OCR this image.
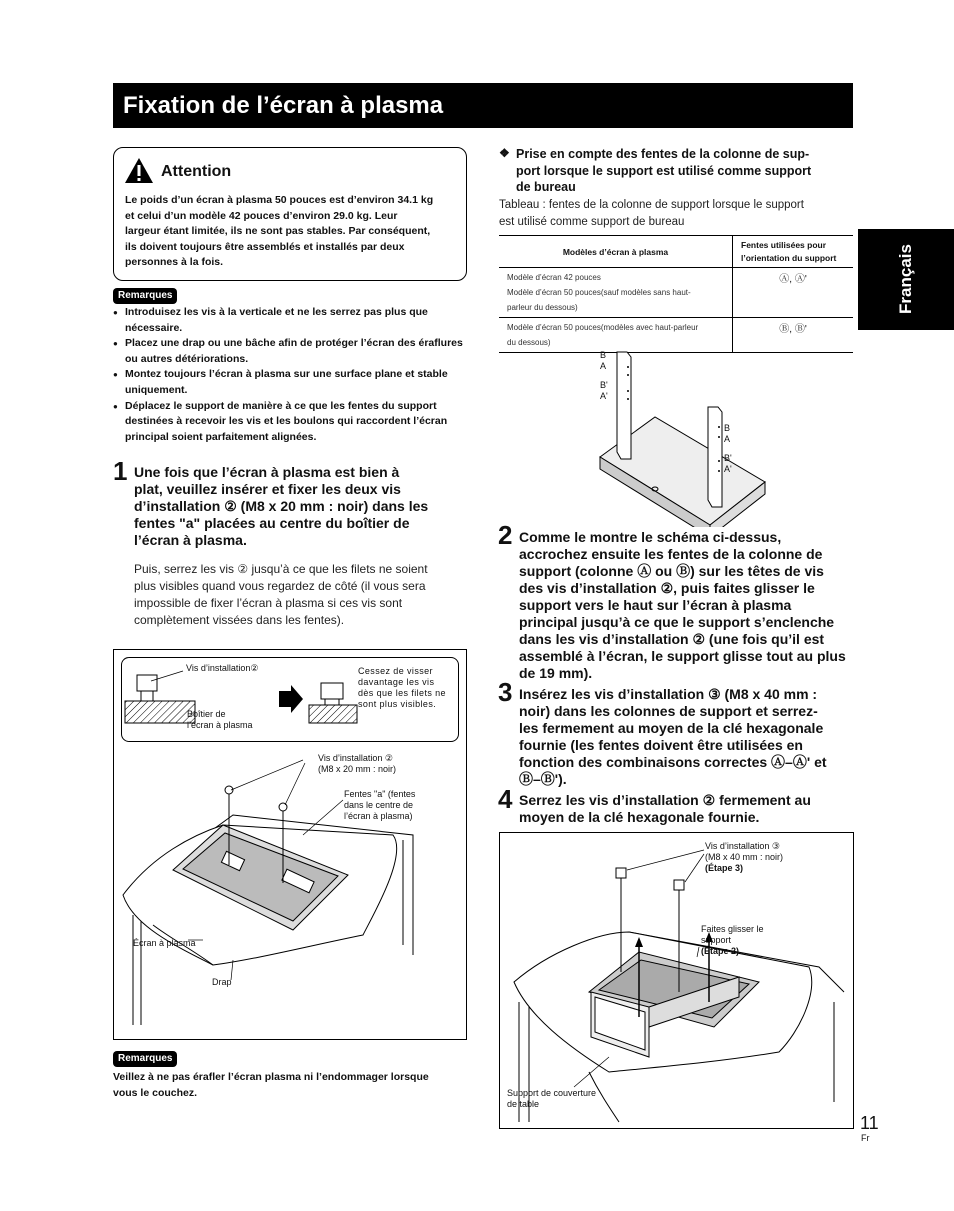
Fixation de l’écran à plasma
Français
Attention
Le poids d’un écran à plasma 50 pouces est d’environ 34.1 kg
et celui d’un modèle 42 pouces d’environ 29.0 kg. Leur
largeur étant limitée, ils ne sont pas stables. Par conséquent,
ils doivent toujours être assemblés et installés par deux
personnes à la fois.
Remarques
● Introduisez les vis à la verticale et ne les serrez pas plus que nécessaire.
● Placez une drap ou une bâche afin de protéger l’écran des éraflures ou autres détériorations.
● Montez toujours l’écran à plasma sur une surface plane et stable uniquement.
● Déplacez le support de manière à ce que les fentes du support destinées à recevoir les vis et les boulons qui raccordent l’écran principal soient parfaitement alignées.
1 Une fois que l’écran à plasma est bien à
plat, veuillez insérer et fixer les deux vis
d’installation ② (M8 x 20 mm : noir) dans les
fentes "a" placées au centre du boîtier de
l’écran à plasma.
Puis, serrez les vis ② jusqu’à ce que les filets ne soient
plus visibles quand vous regardez de côté (il vous sera
impossible de fixer l’écran à plasma si ces vis sont
complètement vissées dans les fentes).
Vis d’installation②
Boîtier de
l’écran à plasma
Cessez de visser
davantage les vis
dès que les filets ne
sont plus visibles.
Vis d’installation ②
(M8 x 20 mm : noir)
Fentes "a" (fentes
dans le centre de
l’écran à plasma)
Écran à plasma
Drap
Remarques
Veillez à ne pas érafler l’écran plasma ni l’endommager lorsque
vous le couchez.
❖ Prise en compte des fentes de la colonne de sup-
port lorsque le support est utilisé comme support
de bureau
Tableau : fentes de la colonne de support lorsque le support
est utilisé comme support de bureau
Modèles d’écran à plasma	Fentes utilisées pour
l’orientation du support

Modèle d’écran 42 pouces
Modèle d’écran 50 pouces(sauf modèles sans haut-
parleur du dessous)	Ⓐ, Ⓐ'

Modèle d’écran 50 pouces(modèles avec haut-parleur
du dessous)	Ⓑ, Ⓑ'
B
A
B'
A'
B
A
B'
A'
2 Comme le montre le schéma ci-dessus,
accrochez ensuite les fentes de la colonne de
support (colonne Ⓐ ou Ⓑ) sur les têtes de vis
des vis d’installation ②, puis faites glisser le
support vers le haut sur l’écran à plasma
principal jusqu’à ce que le support s’enclenche
dans les vis d’installation ② (une fois qu’il est
assemblé à l’écran, le support glisse tout au plus
de 19 mm).
3 Insérez les vis d’installation ③ (M8 x 40 mm :
noir) dans les colonnes de support et serrez-
les fermement au moyen de la clé hexagonale
fournie (les fentes doivent être utilisées en
fonction des combinaisons correctes Ⓐ–Ⓐ' et
Ⓑ–Ⓑ').
4 Serrez les vis d’installation ② fermement au
moyen de la clé hexagonale fournie.
Vis d’installation ③
(M8 x 40 mm : noir)
(Étape 3)
Faites glisser le
support
(Étape 2)
Support de couverture
de table
11
Fr
